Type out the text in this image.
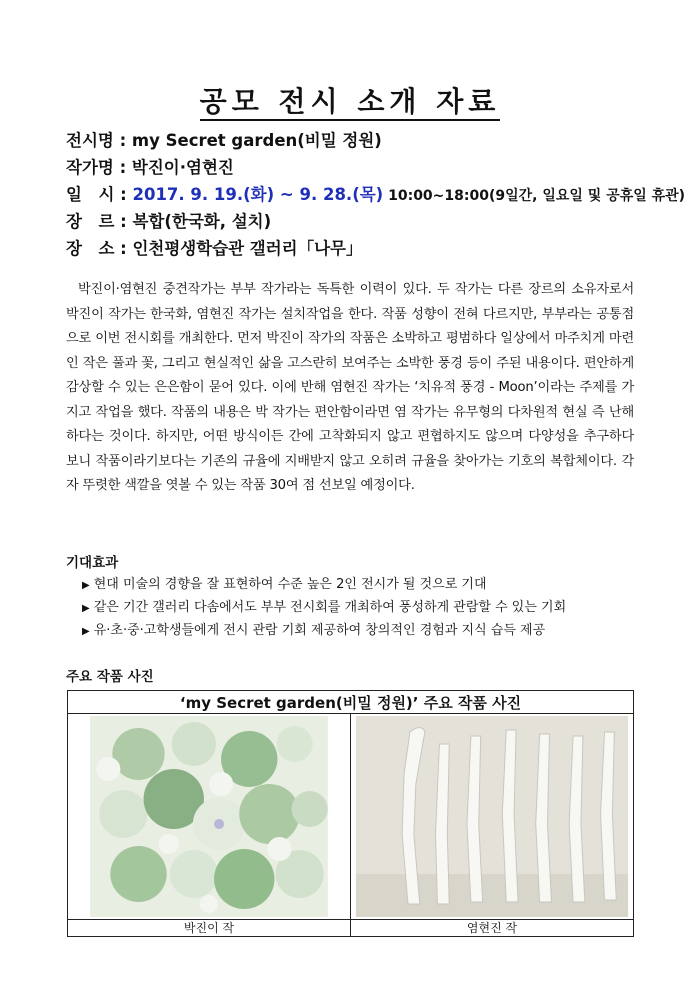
공모 전시 소개 자료
전시명 : my Secret garden(비밀 정원)
작가명 : 박진이·염현진
일　시 : 2017. 9. 19.(화) ~ 9. 28.(목) 10:00~18:00(9일간, 일요일 및 공휴일 휴관)
장　르 : 복합(한국화, 설치)
장　소 : 인천평생학습관 갤러리「나무」
박진이·염현진 중견작가는 부부 작가라는 독특한 이력이 있다. 두 작가는 다른 장르의 소유자로서 박진이 작가는 한국화, 염현진 작가는 설치작업을 한다. 작품 성향이 전혀 다르지만, 부부라는 공통점으로 이번 전시회를 개최한다. 먼저 박진이 작가의 작품은 소박하고 평범하다 일상에서 마주치게 마련인 작은 풀과 꽃, 그리고 현실적인 삶을 고스란히 보여주는 소박한 풍경 등이 주된 내용이다. 편안하게 감상할 수 있는 은은함이 묻어 있다. 이에 반해 염현진 작가는 ‘치유적 풍경 - Moon’이라는 주제를 가지고 작업을 했다. 작품의 내용은 박 작가는 편안함이라면 염 작가는 유무형의 다차원적 현실 즉 난해하다는 것이다. 하지만, 어떤 방식이든 간에 고착화되지 않고 편협하지도 않으며 다양성을 추구하다 보니 작품이라기보다는 기존의 규율에 지배받지 않고 오히려 규율을 찾아가는 기호의 복합체이다. 각자 뚜렷한 색깔을 엿볼 수 있는 작품 30여 점 선보일 예정이다.
기대효과
▶ 현대 미술의 경향을 잘 표현하여 수준 높은 2인 전시가 될 것으로 기대
▶ 같은 기간 갤러리 다솜에서도 부부 전시회를 개최하여 풍성하게 관람할 수 있는 기회
▶ 유·초·중·고학생들에게 전시 관람 기회 제공하여 창의적인 경험과 지식 습득 제공
주요 작품 사진
‘my Secret garden(비밀 정원)’ 주요 작품 사진	

박진이 작	염현진 작
